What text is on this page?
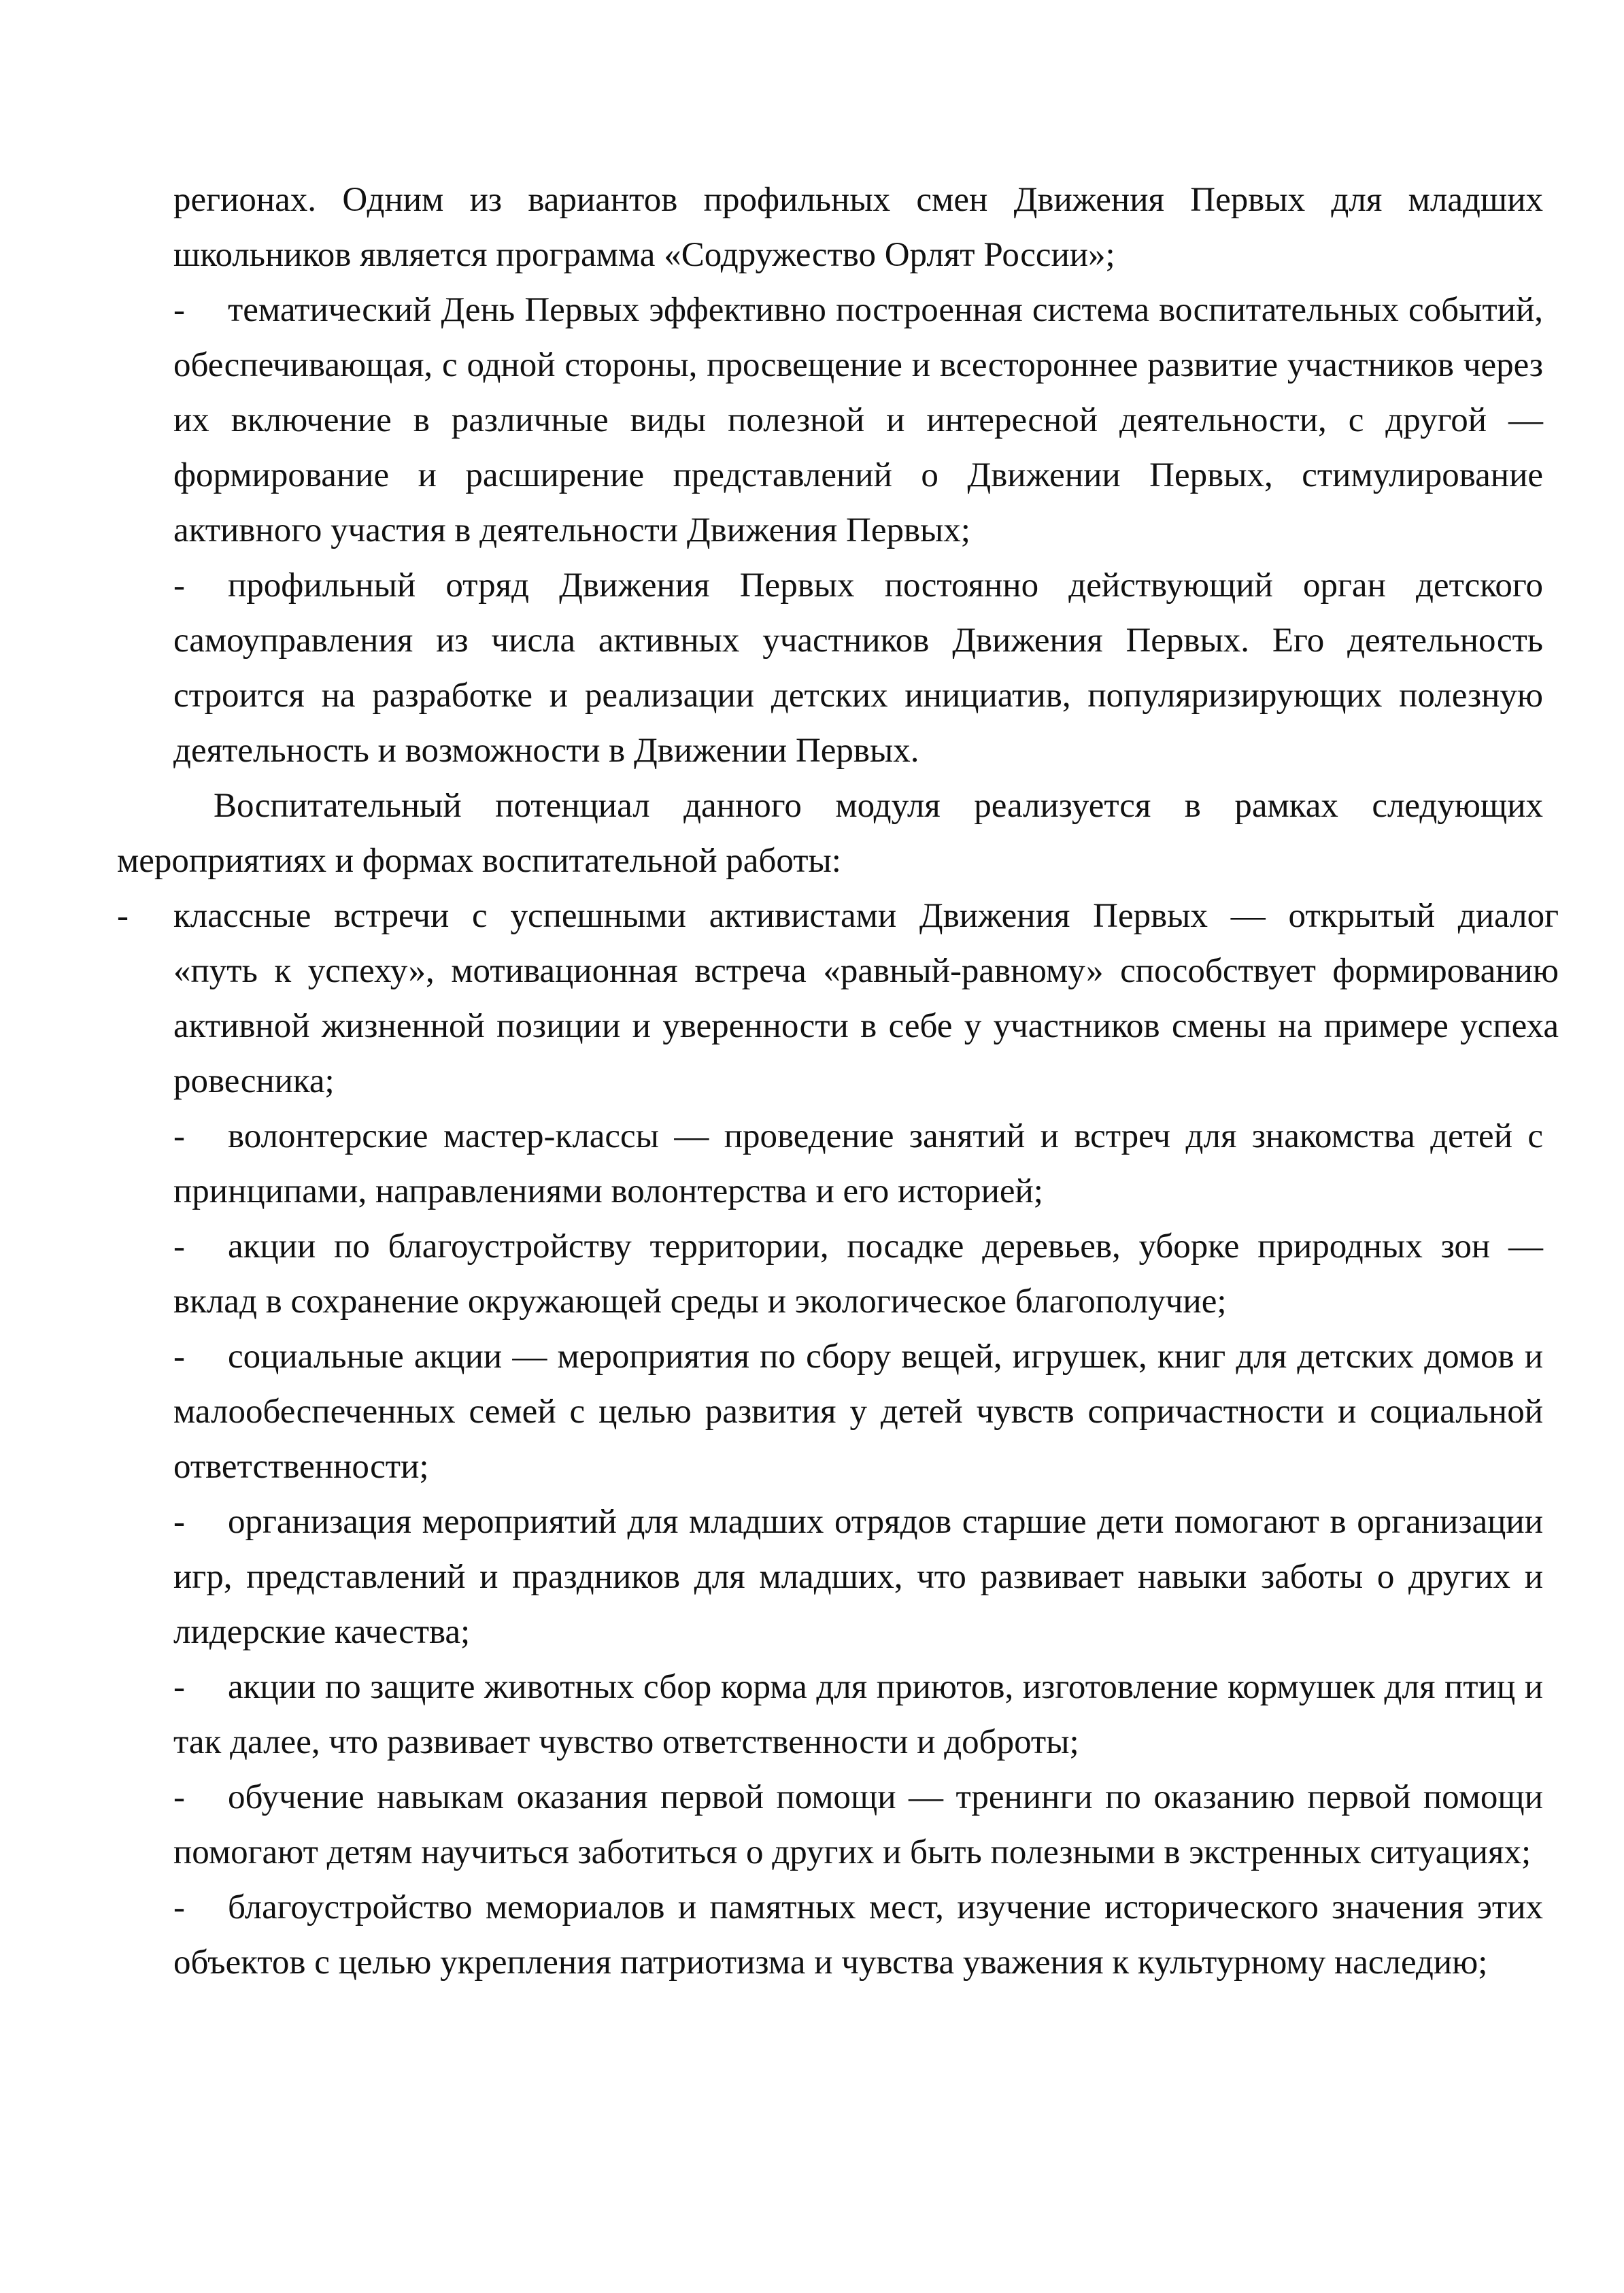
регионах. Одним из вариантов профильных смен Движения Первых для младших школьников является программа «Содружество Орлят России»;

- тематический День Первых эффективно построенная система воспитательных событий, обеспечивающая, с одной стороны, просвещение и всестороннее развитие участников через их включение в различные виды полезной и интересной деятельности, с другой — формирование и расширение представлений о Движении Первых, стимулирование активного участия в деятельности Движения Первых;

- профильный отряд Движения Первых постоянно действующий орган детского самоуправления из числа активных участников Движения Первых. Его деятельность строится на разработке и реализации детских инициатив, популяризирующих полезную деятельность и возможности в Движении Первых.

Воспитательный потенциал данного модуля реализуется в рамках следующих мероприятиях и формах воспитательной работы:

- классные встречи с успешными активистами Движения Первых — открытый диалог
«путь к успеху», мотивационная встреча «равный-равному» способствует формированию активной жизненной позиции и уверенности в себе у участников смены на примере успеха ровесника;

- волонтерские мастер-классы — проведение занятий и встреч для знакомства детей с принципами, направлениями волонтерства и его историей;

- акции по благоустройству территории, посадке деревьев, уборке природных зон — вклад в сохранение окружающей среды и экологическое благополучие;

- социальные акции — мероприятия по сбору вещей, игрушек, книг для детских домов и малообеспеченных семей с целью развития у детей чувств сопричастности и социальной ответственности;

- организация мероприятий для младших отрядов старшие дети помогают в организации игр, представлений и праздников для младших, что развивает навыки заботы о других и лидерские качества;

- акции по защите животных сбор корма для приютов, изготовление кормушек для птиц и так далее, что развивает чувство ответственности и доброты;

- обучение навыкам оказания первой помощи — тренинги по оказанию первой помощи помогают детям научиться заботиться о других и быть полезными в экстренных ситуациях;

- благоустройство мемориалов и памятных мест, изучение исторического значения этих объектов с целью укрепления патриотизма и чувства уважения к культурному наследию;
